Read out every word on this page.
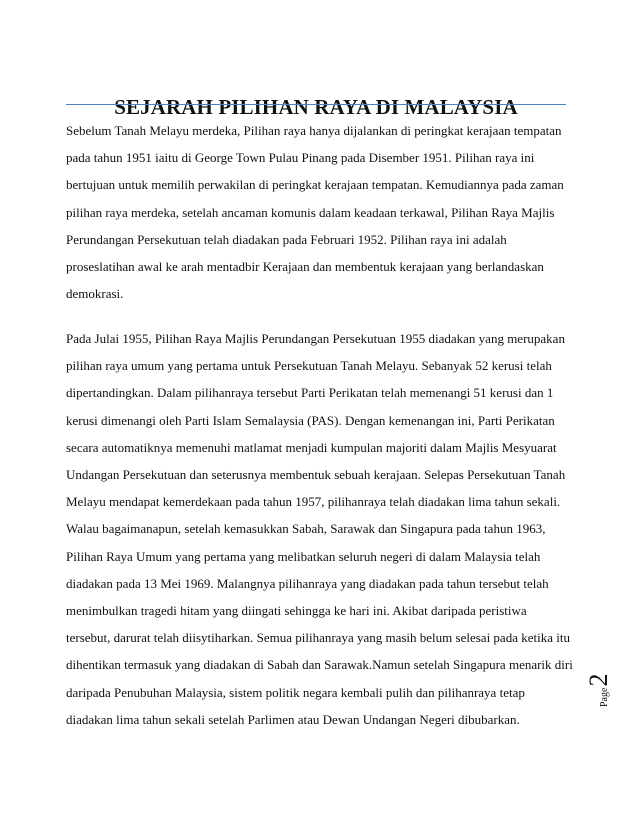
SEJARAH PILIHAN RAYA DI MALAYSIA
Sebelum Tanah Melayu merdeka, Pilihan raya hanya dijalankan di peringkat kerajaan tempatan
pada tahun 1951 iaitu di George Town Pulau Pinang pada Disember 1951. Pilihan raya ini
bertujuan untuk memilih perwakilan di peringkat kerajaan tempatan. Kemudiannya pada zaman
pilihan raya merdeka, setelah ancaman komunis dalam keadaan terkawal, Pilihan Raya Majlis
Perundangan Persekutuan telah diadakan pada Februari 1952. Pilihan raya ini adalah
proseslatihan awal ke arah mentadbir Kerajaan dan membentuk kerajaan yang berlandaskan
demokrasi.
Pada Julai 1955, Pilihan Raya Majlis Perundangan Persekutuan 1955 diadakan yang merupakan
pilihan raya umum yang pertama untuk Persekutuan Tanah Melayu. Sebanyak 52 kerusi telah
dipertandingkan. Dalam pilihanraya tersebut Parti Perikatan telah memenangi 51 kerusi dan 1
kerusi dimenangi oleh Parti Islam Semalaysia (PAS). Dengan kemenangan ini, Parti Perikatan
secara automatiknya memenuhi matlamat menjadi kumpulan majoriti dalam Majlis Mesyuarat
Undangan Persekutuan dan seterusnya membentuk sebuah kerajaan. Selepas Persekutuan Tanah
Melayu mendapat kemerdekaan pada tahun 1957, pilihanraya telah diadakan lima tahun sekali.
Walau bagaimanapun, setelah kemasukkan Sabah, Sarawak dan Singapura pada tahun 1963,
Pilihan Raya Umum yang pertama yang melibatkan seluruh negeri di dalam Malaysia telah
diadakan pada 13 Mei 1969. Malangnya pilihanraya yang diadakan pada tahun tersebut telah
menimbulkan tragedi hitam yang diingati sehingga ke hari ini. Akibat daripada peristiwa
tersebut, darurat telah diisytiharkan. Semua pilihanraya yang masih belum selesai pada ketika itu
dihentikan termasuk yang diadakan di Sabah dan Sarawak.Namun setelah Singapura menarik diri
daripada Penubuhan Malaysia, sistem politik negara kembali pulih dan pilihanraya tetap
diadakan lima tahun sekali setelah Parlimen atau Dewan Undangan Negeri dibubarkan.
Page2
